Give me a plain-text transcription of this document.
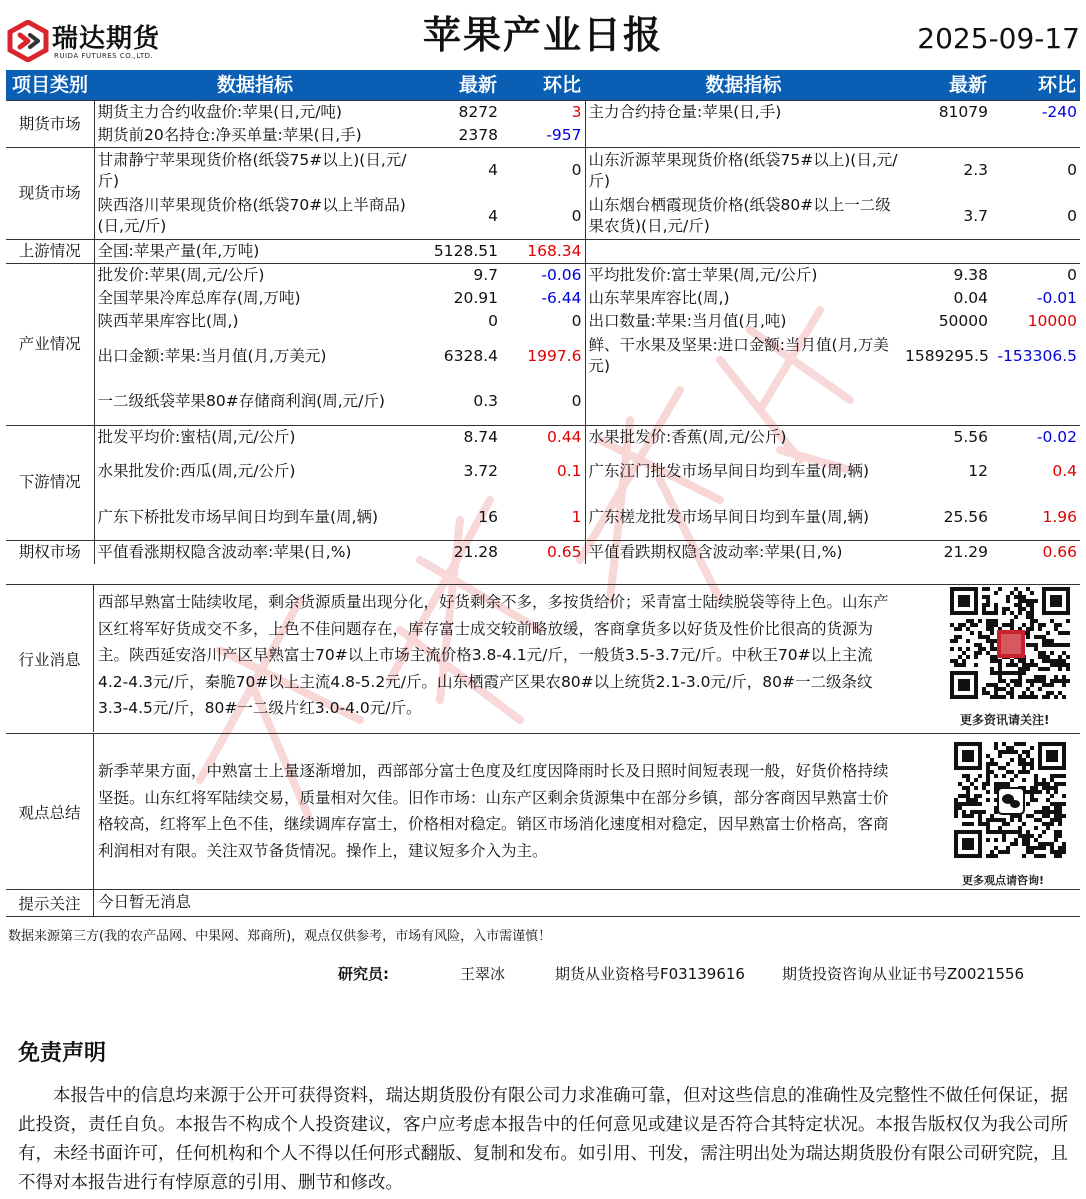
瑞达期货
RUIDA FUTURES CO.,LTD.	苹果产业日报	2025-09-17
项目类别	数据指标	最新	环比	数据指标	最新	环比
期货市场	期货主力合约收盘价:苹果(日,元/吨)	8272	3	主力合约持仓量:苹果(日,手)	81079	-240
	期货前20名持仓:净买单量:苹果(日,手)	2378	-957			
现货市场	甘肃静宁苹果现货价格(纸袋75#以上)(日,元/斤)	4	0	山东沂源苹果现货价格(纸袋75#以上)(日,元/斤)	2.3	0
	陕西洛川苹果现货价格(纸袋70#以上半商品)(日,元/斤)	4	0	山东烟台栖霞现货价格(纸袋80#以上一二级果农货)(日,元/斤)	3.7	0
上游情况	全国:苹果产量(年,万吨)	5128.51	168.34			
产业情况	批发价:苹果(周,元/公斤)	9.7	-0.06	平均批发价:富士苹果(周,元/公斤)	9.38	0
	全国苹果冷库总库存(周,万吨)	20.91	-6.44	山东苹果库容比(周,)	0.04	-0.01
	陕西苹果库容比(周,)	0	0	出口数量:苹果:当月值(月,吨)	50000	10000
	出口金额:苹果:当月值(月,万美元)	6328.4	1997.6	鲜、干水果及坚果:进口金额:当月值(月,万美元)	1589295.5	-153306.5
	一二级纸袋苹果80#存储商利润(周,元/斤)	0.3	0			
下游情况	批发平均价:蜜桔(周,元/公斤)	8.74	0.44	水果批发价:香蕉(周,元/公斤)	5.56	-0.02
	水果批发价:西瓜(周,元/公斤)	3.72	0.1	广东江门批发市场早间日均到车量(周,辆)	12	0.4
	广东下桥批发市场早间日均到车量(周,辆)	16	1	广东槎龙批发市场早间日均到车量(周,辆)	25.56	1.96
期权市场	平值看涨期权隐含波动率:苹果(日,%)	21.28	0.65	平值看跌期权隐含波动率:苹果(日,%)	21.29	0.66
行业消息
西部早熟富士陆续收尾，剩余货源质量出现分化，好货剩余不多，多按货给价；采青富士陆续脱袋等待上色。山东产区红将军好货成交不多，上色不佳问题存在，库存富士成交较前略放缓，客商拿货多以好货及性价比很高的货源为主。陕西延安洛川产区早熟富士70#以上市场主流价格3.8-4.1元/斤，一般货3.5-3.7元/斤。中秋王70#以上主流4.2-4.3元/斤，秦脆70#以上主流4.8-5.2元/斤。山东栖霞产区果农80#以上统货2.1-3.0元/斤，80#一二级条纹3.3-4.5元/斤，80#一二级片红3.0-4.0元/斤。
更多资讯请关注!
观点总结
新季苹果方面，中熟富士上量逐渐增加，西部部分富士色度及红度因降雨时长及日照时间短表现一般，好货价格持续坚挺。山东红将军陆续交易，质量相对欠佳。旧作市场：山东产区剩余货源集中在部分乡镇，部分客商因早熟富士价格较高，红将军上色不佳，继续调库存富士，价格相对稳定。销区市场消化速度相对稳定，因早熟富士价格高，客商利润相对有限。关注双节备货情况。操作上，建议短多介入为主。
更多观点请咨询!
提示关注	今日暂无消息
数据来源第三方(我的农产品网、中果网、郑商所)，观点仅供参考，市场有风险，入市需谨慎！
研究员:	王翠冰	期货从业资格号F03139616 期货投资咨询从业证书号Z0021556
免责声明
本报告中的信息均来源于公开可获得资料，瑞达期货股份有限公司力求准确可靠，但对这些信息的准确性及完整性不做任何保证，据此投资，责任自负。本报告不构成个人投资建议，客户应考虑本报告中的任何意见或建议是否符合其特定状况。本报告版权仅为我公司所有，未经书面许可，任何机构和个人不得以任何形式翻版、复制和发布。如引用、刊发，需注明出处为瑞达期货股份有限公司研究院，且不得对本报告进行有悖原意的引用、删节和修改。
